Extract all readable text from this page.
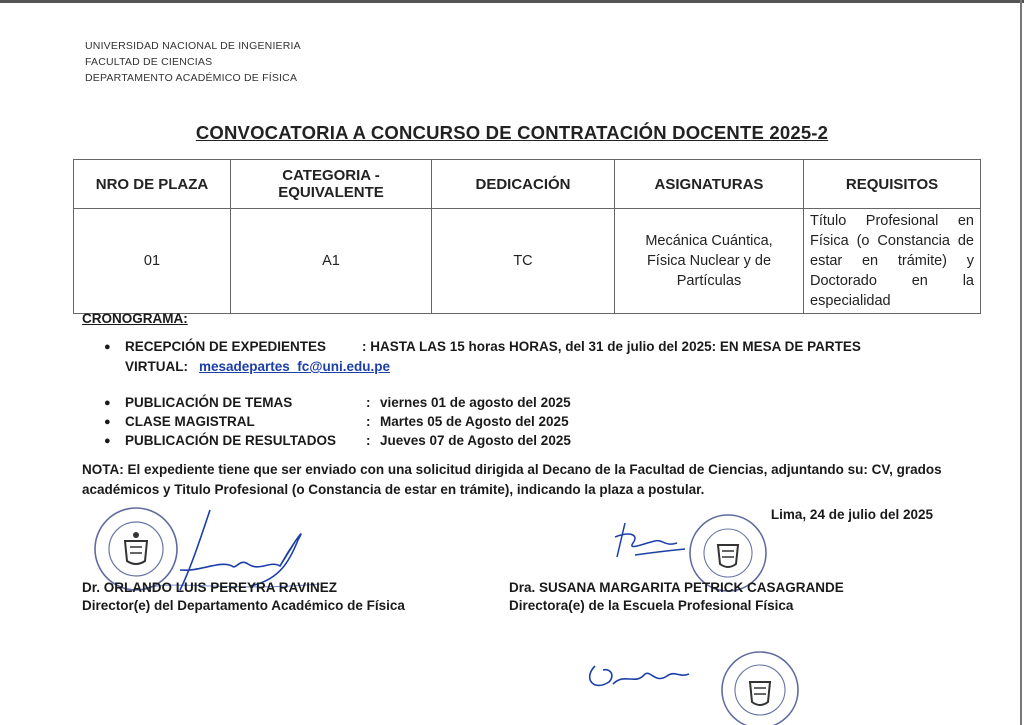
UNIVERSIDAD NACIONAL DE INGENIERIA
FACULTAD DE CIENCIAS
DEPARTAMENTO ACADÉMICO DE FÍSICA
CONVOCATORIA A CONCURSO DE CONTRATACIÓN DOCENTE 2025-2
NRO DE PLAZA	CATEGORIA -
EQUIVALENTE	DEDICACIÓN	ASIGNATURAS	REQUISITOS
01	A1	TC	Mecánica Cuántica,
Física Nuclear y de
Partículas	Título Profesional en Física (o Constancia de estar en trámite) y Doctorado en la especialidad
CRONOGRAMA:
● RECEPCIÓN DE EXPEDIENTES	: HASTA LAS 15 horas HORAS, del 31 de julio del 2025: EN MESA DE PARTES
VIRTUAL: mesadepartes_fc@uni.edu.pe
● PUBLICACIÓN DE TEMAS	: viernes 01 de agosto del 2025
● CLASE MAGISTRAL	: Martes 05 de Agosto del 2025
● PUBLICACIÓN DE RESULTADOS : Jueves 07 de Agosto del 2025
NOTA: El expediente tiene que ser enviado con una solicitud dirigida al Decano de la Facultad de Ciencias, adjuntando su: CV, grados académicos y Titulo Profesional (o Constancia de estar en trámite), indicando la plaza a postular.
Lima, 24 de julio del 2025
Dr. ORLANDO LUIS PEREYRA RAVINEZ
Director(e) del Departamento Académico de Física
Dra. SUSANA MARGARITA PETRICK CASAGRANDE
Directora(e) de la Escuela Profesional Física
